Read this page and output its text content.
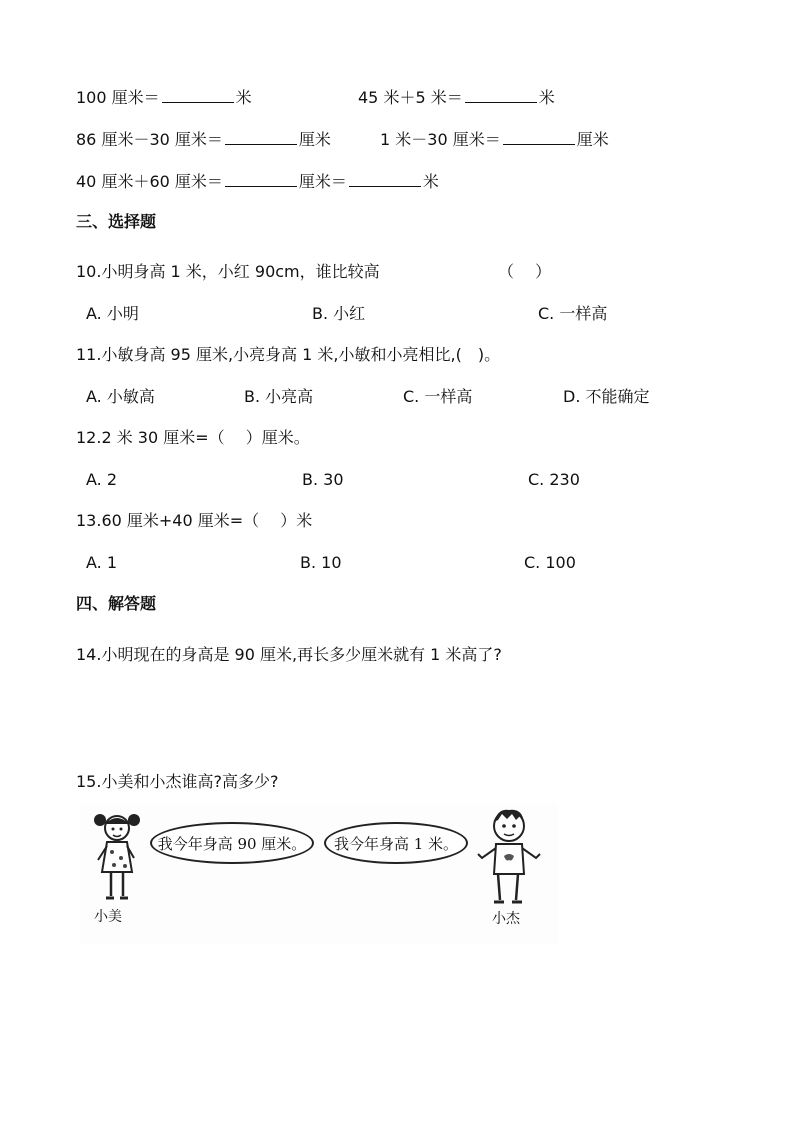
100 厘米＝	米	45 米＋5 米＝	米
86 厘米－30 厘米＝	厘米	1 米－30 厘米＝	厘米
40 厘米＋60 厘米＝	厘米＝	米
三、选择题
10.小明身高 1 米，小红 90cm，谁比较高	（　 ）
A. 小明	B. 小红	C. 一样高
11.小敏身高 95 厘米,小亮身高 1 米,小敏和小亮相比,(　)。
A. 小敏高	B. 小亮高	C. 一样高	D. 不能确定
12.2 米 30 厘米=（　 ）厘米。
A. 2	B. 30	C. 230
13.60 厘米+40 厘米=（　 ）米
A. 1	B. 10	C. 100
四、解答题
14.小明现在的身高是 90 厘米,再长多少厘米就有 1 米高了?
15.小美和小杰谁高?高多少?
小美
我今年身高 90 厘米。 我今年身高 1 米。
小杰
